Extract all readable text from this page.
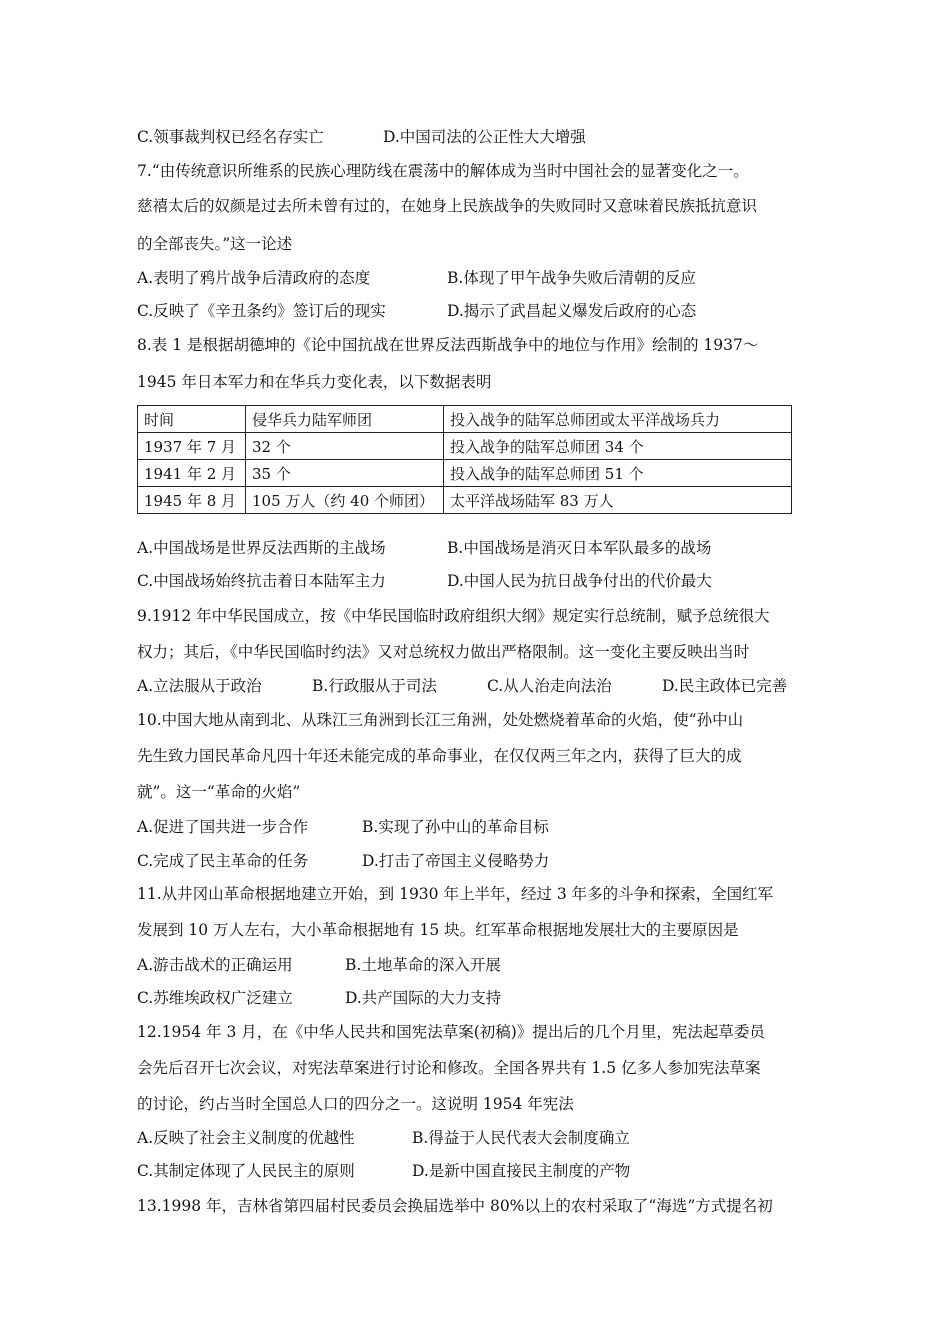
C.领事裁判权已经名存实亡	D.中国司法的公正性大大增强
7.“由传统意识所维系的民族心理防线在震荡中的解体成为当时中国社会的显著变化之一。
慈禧太后的奴颜是过去所未曾有过的，在她身上民族战争的失败同时又意味着民族抵抗意识
的全部丧失。”这一论述
A.表明了鸦片战争后清政府的态度	B.体现了甲午战争失败后清朝的反应
C.反映了《辛丑条约》签订后的现实	D.揭示了武昌起义爆发后政府的心态
8.表 1 是根据胡德坤的《论中国抗战在世界反法西斯战争中的地位与作用》绘制的 1937～
1945 年日本军力和在华兵力变化表，以下数据表明
时间	侵华兵力陆军师团	投入战争的陆军总师团或太平洋战场兵力
1937 年 7 月	32 个	投入战争的陆军总师团 34 个
1941 年 2 月	35 个	投入战争的陆军总师团 51 个
1945 年 8 月	105 万人（约 40 个师团）	太平洋战场陆军 83 万人
A.中国战场是世界反法西斯的主战场	B.中国战场是消灭日本军队最多的战场
C.中国战场始终抗击着日本陆军主力	D.中国人民为抗日战争付出的代价最大
9.1912 年中华民国成立，按《中华民国临时政府组织大纲》规定实行总统制，赋予总统很大
权力；其后，《中华民国临时约法》又对总统权力做出严格限制。这一变化主要反映出当时
A.立法服从于政治	B.行政服从于司法	C.从人治走向法治	D.民主政体已完善
10.中国大地从南到北、从珠江三角洲到长江三角洲，处处燃烧着革命的火焰，使“孙中山
先生致力国民革命凡四十年还未能完成的革命事业，在仅仅两三年之内，获得了巨大的成
就”。这一“革命的火焰”
A.促进了国共进一步合作	B.实现了孙中山的革命目标
C.完成了民主革命的任务	D.打击了帝国主义侵略势力
11.从井冈山革命根据地建立开始，到 1930 年上半年，经过 3 年多的斗争和探索，全国红军
发展到 10 万人左右，大小革命根据地有 15 块。红军革命根据地发展壮大的主要原因是
A.游击战术的正确运用	B.土地革命的深入开展
C.苏维埃政权广泛建立	D.共产国际的大力支持
12.1954 年 3 月，在《中华人民共和国宪法草案(初稿)》提出后的几个月里，宪法起草委员
会先后召开七次会议，对宪法草案进行讨论和修改。全国各界共有 1.5 亿多人参加宪法草案
的讨论，约占当时全国总人口的四分之一。这说明 1954 年宪法
A.反映了社会主义制度的优越性	B.得益于人民代表大会制度确立
C.其制定体现了人民民主的原则	D.是新中国直接民主制度的产物
13.1998 年，吉林省第四届村民委员会换届选举中 80%以上的农村采取了“海选”方式提名初
